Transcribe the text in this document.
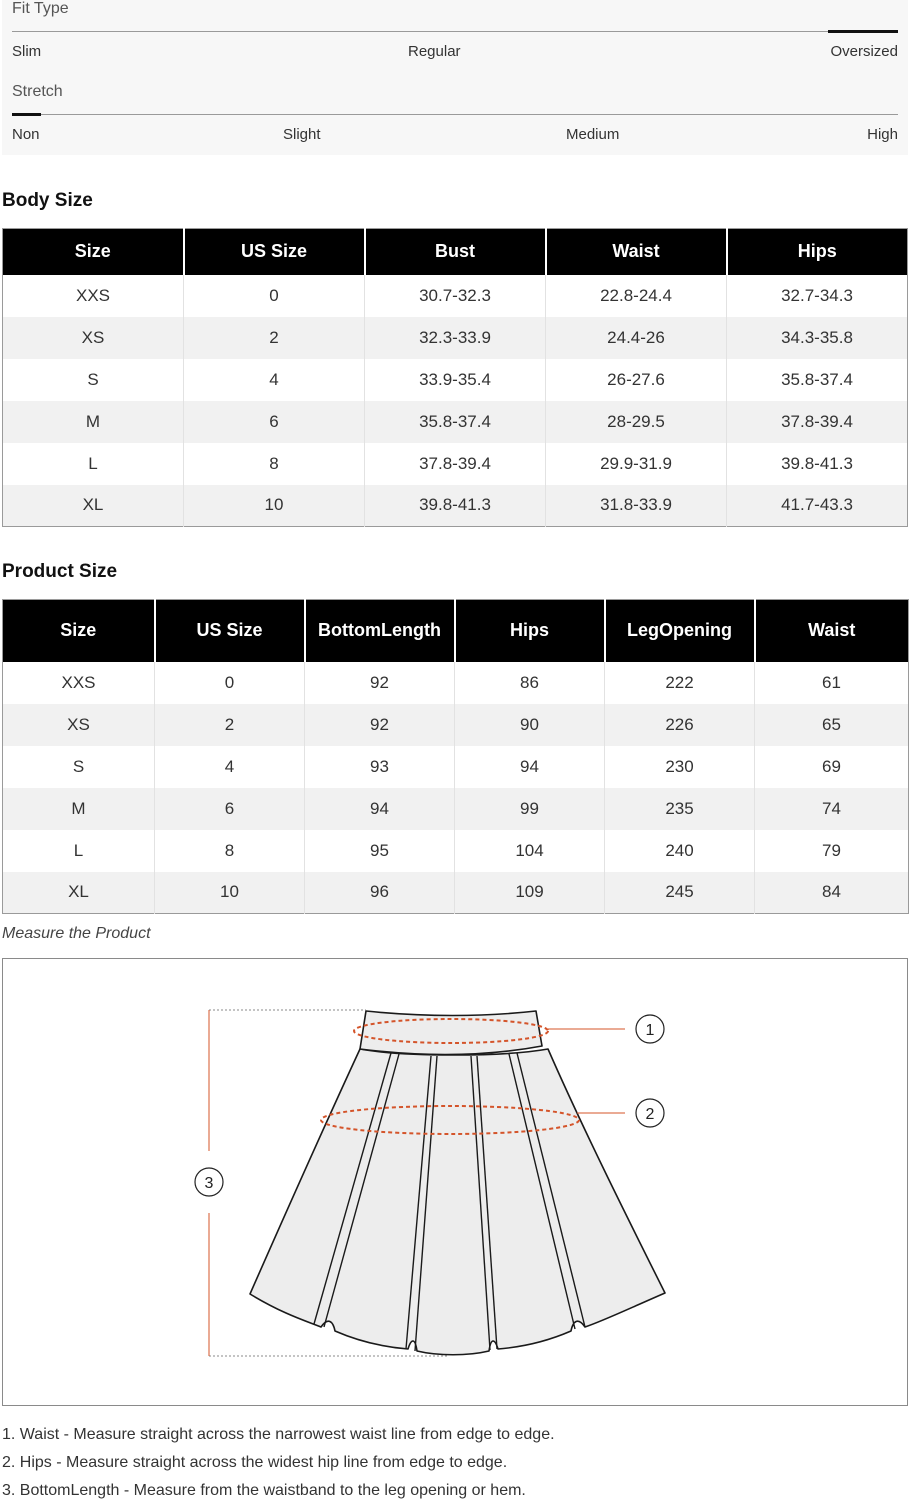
Fit Type
Slim	Regular	Oversized
Stretch
Non	Slight	Medium	High
Body Size
Size	US Size	Bust	Waist	Hips
XXS	0	30.7-32.3	22.8-24.4	32.7-34.3
XS	2	32.3-33.9	24.4-26	34.3-35.8
S	4	33.9-35.4	26-27.6	35.8-37.4
M	6	35.8-37.4	28-29.5	37.8-39.4
L	8	37.8-39.4	29.9-31.9	39.8-41.3
XL	10	39.8-41.3	31.8-33.9	41.7-43.3
Product Size
Size	US Size	BottomLength	Hips	LegOpening	Waist
XXS	0	92	86	222	61
XS	2	92	90	226	65
S	4	93	94	230	69
M	6	94	99	235	74
L	8	95	104	240	79
XL	10	96	109	245	84
Measure the Product
1
2
3
1. Waist - Measure straight across the narrowest waist line from edge to edge.
2. Hips - Measure straight across the widest hip line from edge to edge.
3. BottomLength - Measure from the waistband to the leg opening or hem.
